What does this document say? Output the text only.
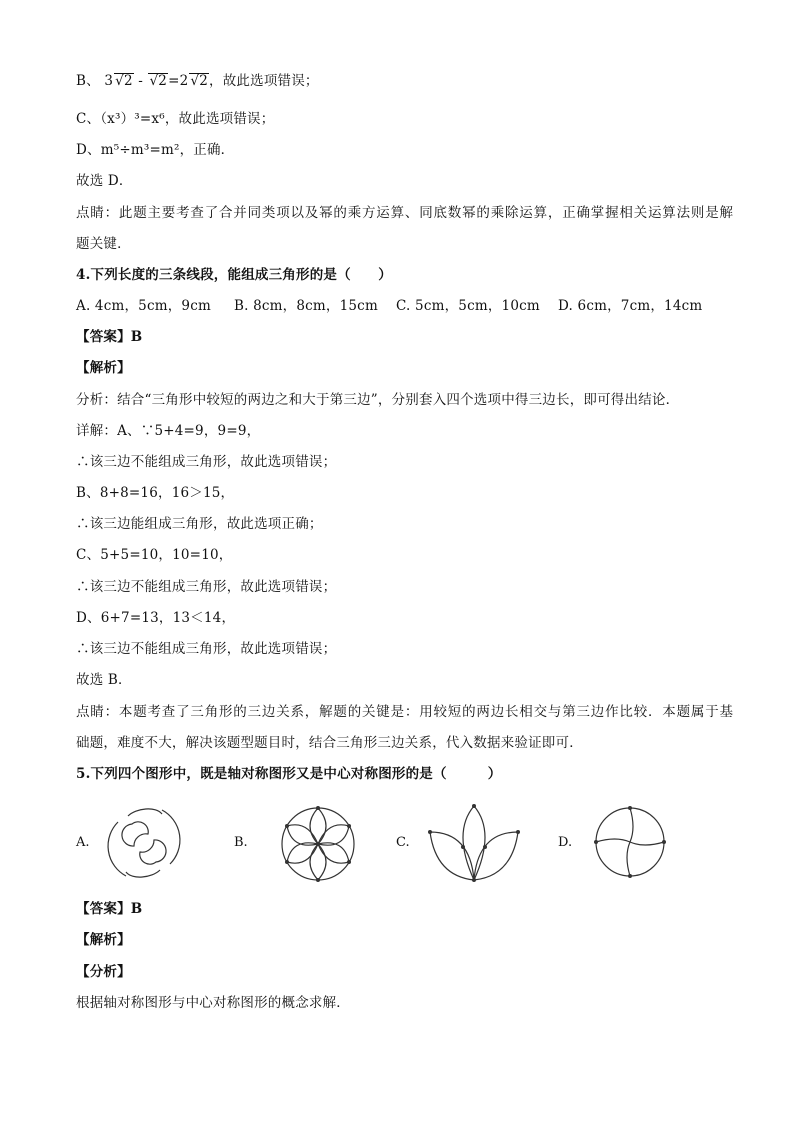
B、 3 √2 - √2=2 √2，故此选项错误；
C、（x³）³=x⁶，故此选项错误；
D、m⁵÷m³=m²，正确．
故选 D．
点睛：此题主要考查了合并同类项以及幂的乘方运算、同底数幂的乘除运算，正确掌握相关运算法则是解
题关键．
4.下列长度的三条线段，能组成三角形的是（　　）
A. 4cm，5cm，9cm B. 8cm，8cm，15cm C. 5cm，5cm，10cm D. 6cm，7cm，14cm
【答案】B
【解析】
分析：结合“三角形中较短的两边之和大于第三边”，分别套入四个选项中得三边长，即可得出结论．
详解：A、∵5+4=9，9=9，
∴该三边不能组成三角形，故此选项错误；
B、8+8=16，16＞15，
∴该三边能组成三角形，故此选项正确；
C、5+5=10，10=10，
∴该三边不能组成三角形，故此选项错误；
D、6+7=13，13＜14，
∴该三边不能组成三角形，故此选项错误；
故选 B．
点睛：本题考查了三角形的三边关系，解题的关键是：用较短的两边长相交与第三边作比较．本题属于基
础题，难度不大，解决该题型题目时，结合三角形三边关系，代入数据来验证即可．
5.下列四个图形中，既是轴对称图形又是中心对称图形的是（　　　）
A.	B.	C.	D.
【答案】B
【解析】
【分析】
根据轴对称图形与中心对称图形的概念求解．
